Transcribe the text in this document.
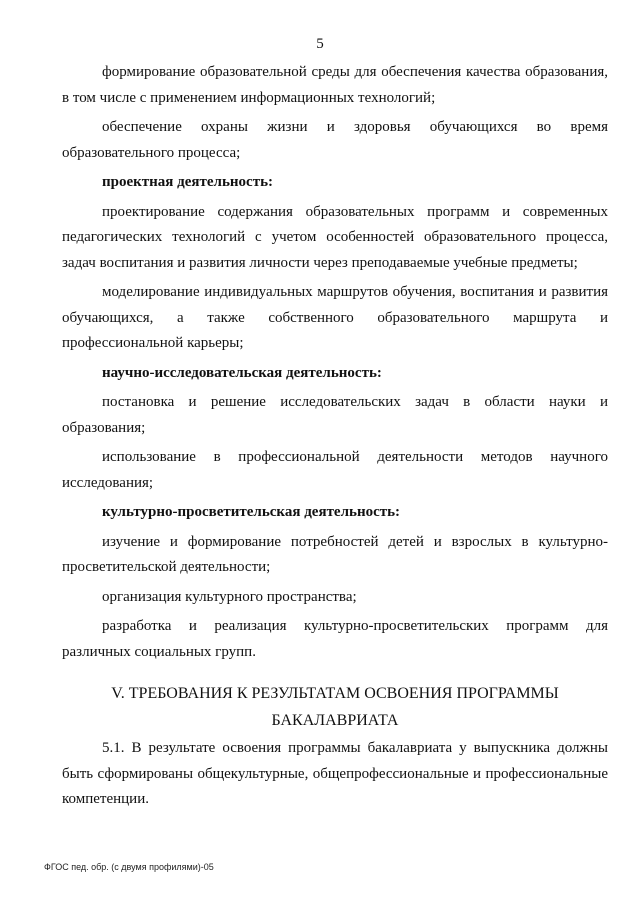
5

формирование образовательной среды для обеспечения качества образования, в том числе с применением информационных технологий;

обеспечение охраны жизни и здоровья обучающихся во время образовательного процесса;

проектная деятельность:

проектирование содержания образовательных программ и современных педагогических технологий с учетом особенностей образовательного процесса, задач воспитания и развития личности через преподаваемые учебные предметы;

моделирование индивидуальных маршрутов обучения, воспитания и развития обучающихся, а также собственного образовательного маршрута и профессиональной карьеры;

научно-исследовательская деятельность:

постановка и решение исследовательских задач в области науки и образования;

использование в профессиональной деятельности методов научного исследования;

культурно-просветительская деятельность:

изучение и формирование потребностей детей и взрослых в культурно-просветительской деятельности;

организация культурного пространства;

разработка и реализация культурно-просветительских программ для различных социальных групп.

V. ТРЕБОВАНИЯ К РЕЗУЛЬТАТАМ ОСВОЕНИЯ ПРОГРАММЫ
БАКАЛАВРИАТА

5.1. В результате освоения программы бакалавриата у выпускника должны быть сформированы общекультурные, общепрофессиональные и профессиональные компетенции.

ФГОС пед. обр. (с двумя профилями)-05
